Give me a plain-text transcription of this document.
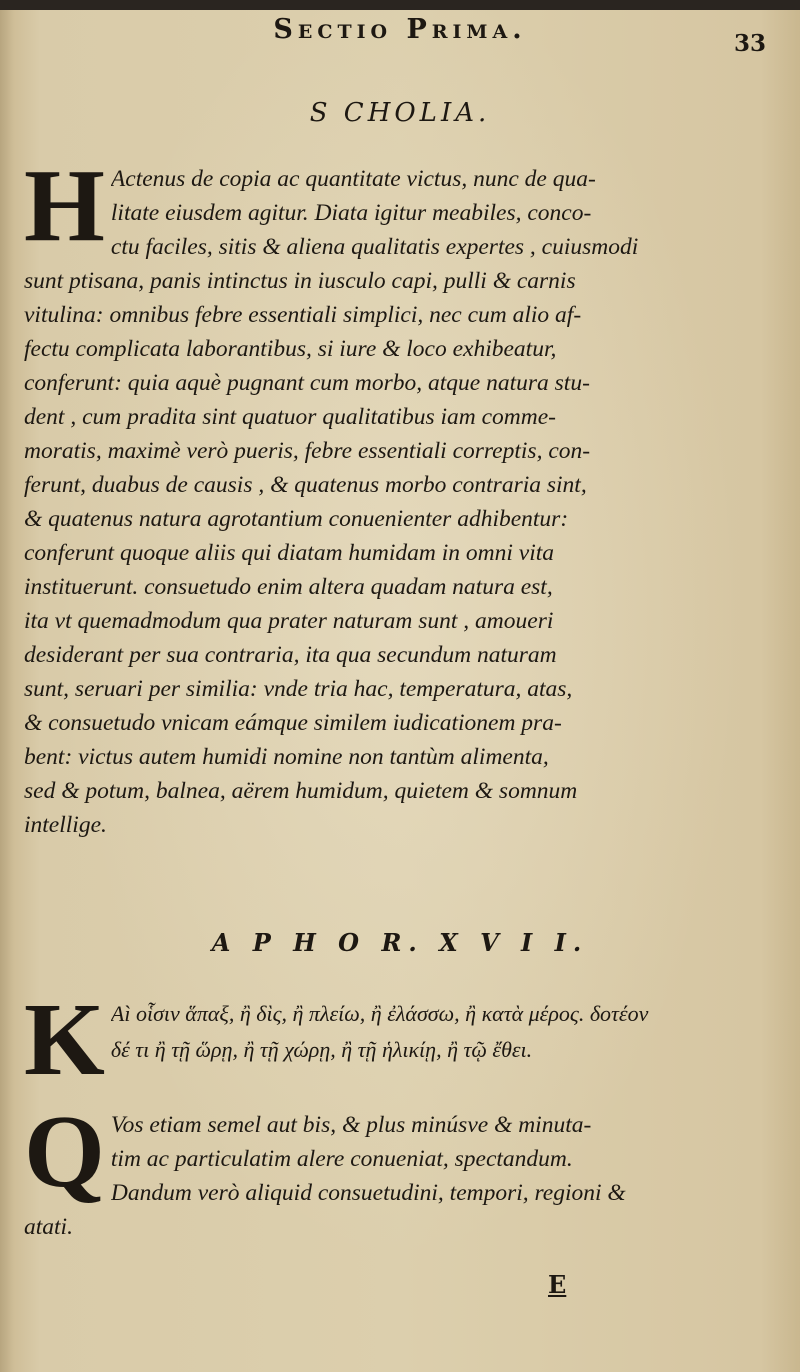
Sectio Prima.	33
S CHOLIA.
H Actenus de copia ac quantitate victus, nunc de qua-
litate eiusdem agitur. Diata igitur meabiles, conco-
ctu faciles, sitis & aliena qualitatis expertes , cuiusmodi
sunt ptisana, panis intinctus in iusculo capi, pulli & carnis
vitulina: omnibus febre essentiali simplici, nec cum alio af-
fectu complicata laborantibus, si iure & loco exhibeatur,
conferunt: quia aquè pugnant cum morbo, atque natura stu-
dent , cum pradita sint quatuor qualitatibus iam comme-
moratis, maximè verò pueris, febre essentiali correptis, con-
ferunt, duabus de causis , & quatenus morbo contraria sint,
& quatenus natura agrotantium conuenienter adhibentur:
conferunt quoque aliis qui diatam humidam in omni vita
instituerunt. consuetudo enim altera quadam natura est,
ita vt quemadmodum qua prater naturam sunt , amoueri
desiderant per sua contraria, ita qua secundum naturam
sunt, seruari per similia: vnde tria hac, temperatura, atas,
& consuetudo vnicam eámque similem iudicationem pra-
bent: victus autem humidi nomine non tantùm alimenta,
sed & potum, balnea, aërem humidum, quietem & somnum
intellige.
A P H O R. X V I I.
K Aì oἷσιν ἅπαξ, ἢ δὶς, ἢ πλείω, ἢ ἐλάσσω, ἢ κατὰ μέρος. δοτέον
δέ τι ἢ τῇ ὥρῃ, ἢ τῇ χώρῃ, ἢ τῇ ἡλικίῃ, ἢ τῷ ἔθει.
Q Vos etiam semel aut bis, & plus minúsve & minuta-
tim ac particulatim alere conueniat, spectandum.
Dandum verò aliquid consuetudini, tempori, regioni &
atati.
E
